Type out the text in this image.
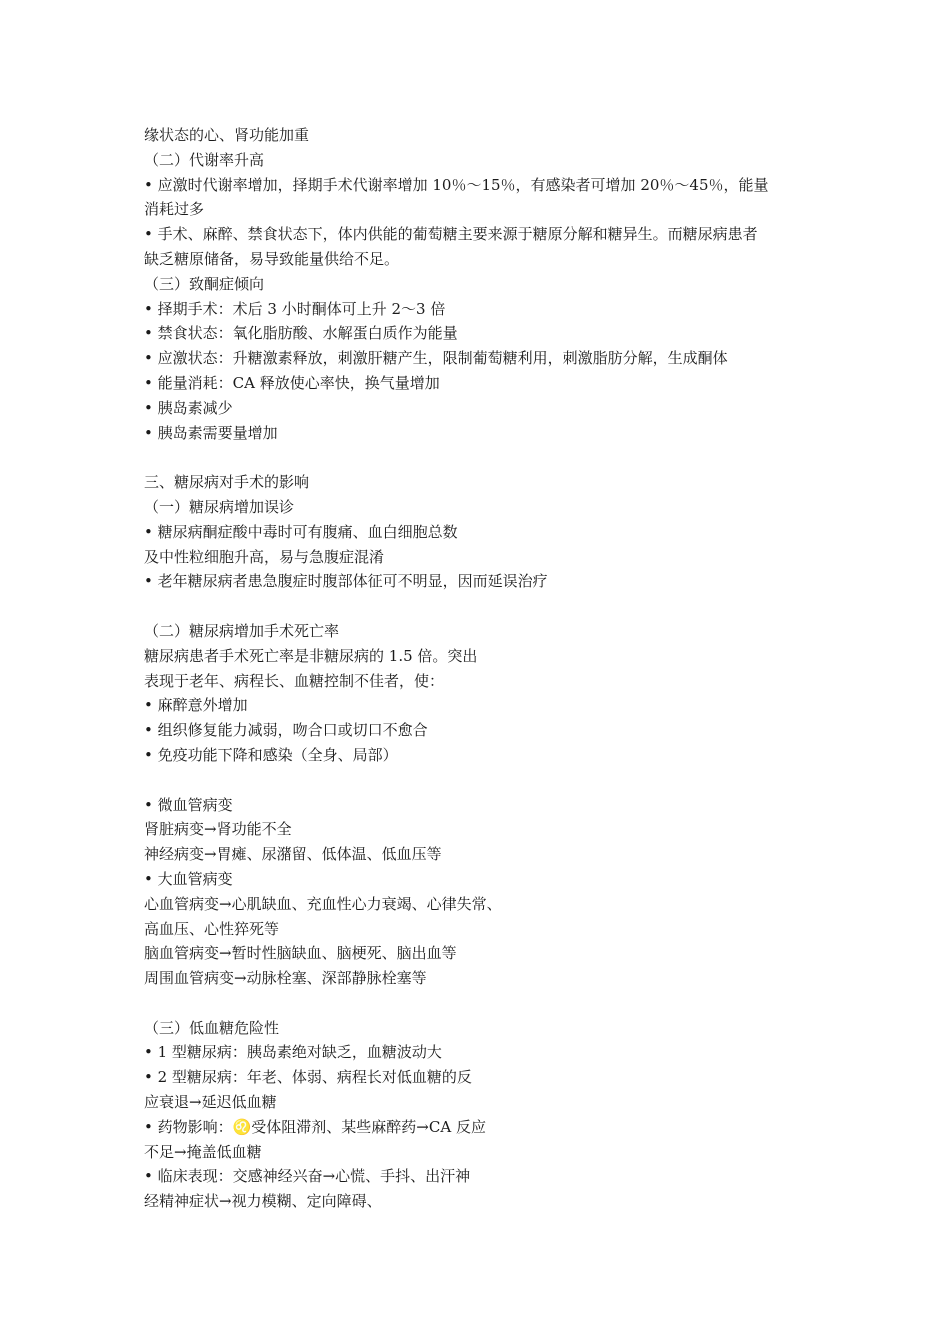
缘状态的心、肾功能加重
（二）代谢率升高
• 应激时代谢率增加，择期手术代谢率增加 10％～15％，有感染者可增加 20％～45％，能量
消耗过多
• 手术、麻醉、禁食状态下，体内供能的葡萄糖主要来源于糖原分解和糖异生。而糖尿病患者
缺乏糖原储备，易导致能量供给不足。
（三）致酮症倾向
• 择期手术：术后 3 小时酮体可上升 2～3 倍
• 禁食状态：氧化脂肪酸、水解蛋白质作为能量
• 应激状态：升糖激素释放，刺激肝糖产生，限制葡萄糖利用，刺激脂肪分解，生成酮体
• 能量消耗：CA 释放使心率快，换气量增加
• 胰岛素减少
• 胰岛素需要量增加
三、糖尿病对手术的影响
（一）糖尿病增加误诊
• 糖尿病酮症酸中毒时可有腹痛、血白细胞总数
及中性粒细胞升高，易与急腹症混淆
• 老年糖尿病者患急腹症时腹部体征可不明显，因而延误治疗
（二）糖尿病增加手术死亡率
糖尿病患者手术死亡率是非糖尿病的 1.5 倍。突出
表现于老年、病程长、血糖控制不佳者，使：
• 麻醉意外增加
• 组织修复能力减弱，吻合口或切口不愈合
• 免疫功能下降和感染（全身、局部）
• 微血管病变
肾脏病变→肾功能不全
神经病变→胃瘫、尿潴留、低体温、低血压等
• 大血管病变
心血管病变→心肌缺血、充血性心力衰竭、心律失常、
高血压、心性猝死等
脑血管病变→暂时性脑缺血、脑梗死、脑出血等
周围血管病变→动脉栓塞、深部静脉栓塞等
（三）低血糖危险性
• 1 型糖尿病：胰岛素绝对缺乏，血糖波动大
• 2 型糖尿病：年老、体弱、病程长对低血糖的反
应衰退→延迟低血糖
• 药物影响：♌受体阻滞剂、某些麻醉药→CA 反应
不足→掩盖低血糖
• 临床表现：交感神经兴奋→心慌、手抖、出汗神
经精神症状→视力模糊、定向障碍、
